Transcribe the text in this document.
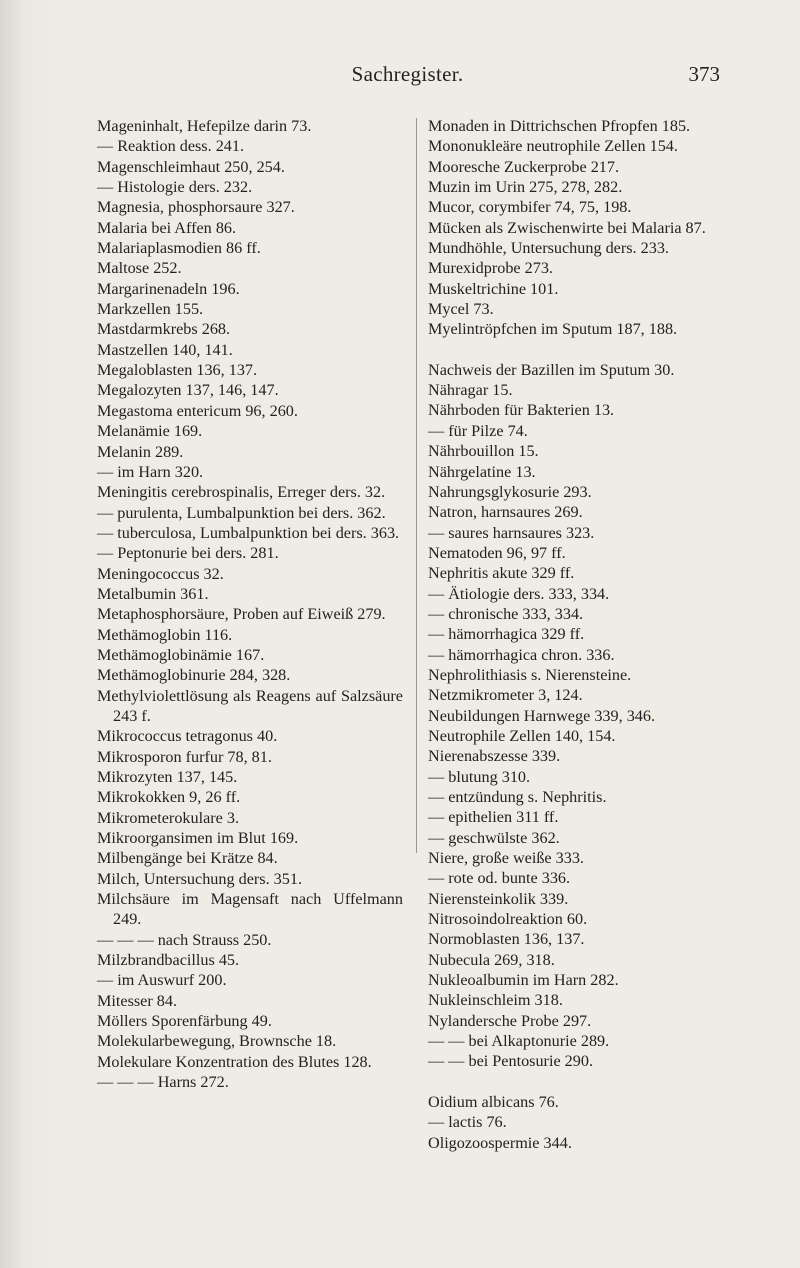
Sachregister.	373
Mageninhalt, Hefepilze darin 73.
— Reaktion dess. 241.
Magenschleimhaut 250, 254.
— Histologie ders. 232.
Magnesia, phosphorsaure 327.
Malaria bei Affen 86.
Malariaplasmodien 86 ff.
Maltose 252.
Margarinenadeln 196.
Markzellen 155.
Mastdarmkrebs 268.
Mastzellen 140, 141.
Megaloblasten 136, 137.
Megalozyten 137, 146, 147.
Megastoma entericum 96, 260.
Melanämie 169.
Melanin 289.
— im Harn 320.
Meningitis cerebrospinalis, Erreger ders. 32.
— purulenta, Lumbalpunktion bei ders. 362.
— tuberculosa, Lumbalpunktion bei ders. 363.
— Peptonurie bei ders. 281.
Meningococcus 32.
Metalbumin 361.
Metaphosphorsäure, Proben auf Eiweiß 279.
Methämoglobin 116.
Methämoglobinämie 167.
Methämoglobinurie 284, 328.
Methylviolettlösung als Reagens auf Salzsäure 243 f.
Mikrococcus tetragonus 40.
Mikrosporon furfur 78, 81.
Mikrozyten 137, 145.
Mikrokokken 9, 26 ff.
Mikrometerokulare 3.
Mikroorgansimen im Blut 169.
Milbengänge bei Krätze 84.
Milch, Untersuchung ders. 351.
Milchsäure im Magensaft nach Uffelmann 249.
— — — nach Strauss 250.
Milzbrandbacillus 45.
— im Auswurf 200.
Mitesser 84.
Möllers Sporenfärbung 49.
Molekularbewegung, Brownsche 18.
Molekulare Konzentration des Blutes 128.
— — — Harns 272.
Monaden in Dittrichschen Pfropfen 185.
Mononukleäre neutrophile Zellen 154.
Mooresche Zuckerprobe 217.
Muzin im Urin 275, 278, 282.
Mucor, corymbifer 74, 75, 198.
Mücken als Zwischenwirte bei Malaria 87.
Mundhöhle, Untersuchung ders. 233.
Murexidprobe 273.
Muskeltrichine 101.
Mycel 73.
Myelintröpfchen im Sputum 187, 188.
Nachweis der Bazillen im Sputum 30.
Nähragar 15.
Nährboden für Bakterien 13.
— für Pilze 74.
Nährbouillon 15.
Nährgelatine 13.
Nahrungsglykosurie 293.
Natron, harnsaures 269.
— saures harnsaures 323.
Nematoden 96, 97 ff.
Nephritis akute 329 ff.
— Ätiologie ders. 333, 334.
— chronische 333, 334.
— hämorrhagica 329 ff.
— hämorrhagica chron. 336.
Nephrolithiasis s. Nierensteine.
Netzmikrometer 3, 124.
Neubildungen Harnwege 339, 346.
Neutrophile Zellen 140, 154.
Nierenabszesse 339.
— blutung 310.
— entzündung s. Nephritis.
— epithelien 311 ff.
— geschwülste 362.
Niere, große weiße 333.
— rote od. bunte 336.
Nierensteinkolik 339.
Nitrosoindolreaktion 60.
Normoblasten 136, 137.
Nubecula 269, 318.
Nukleoalbumin im Harn 282.
Nukleinschleim 318.
Nylandersche Probe 297.
— — bei Alkaptonurie 289.
— — bei Pentosurie 290.
Oidium albicans 76.
— lactis 76.
Oligozoospermie 344.
